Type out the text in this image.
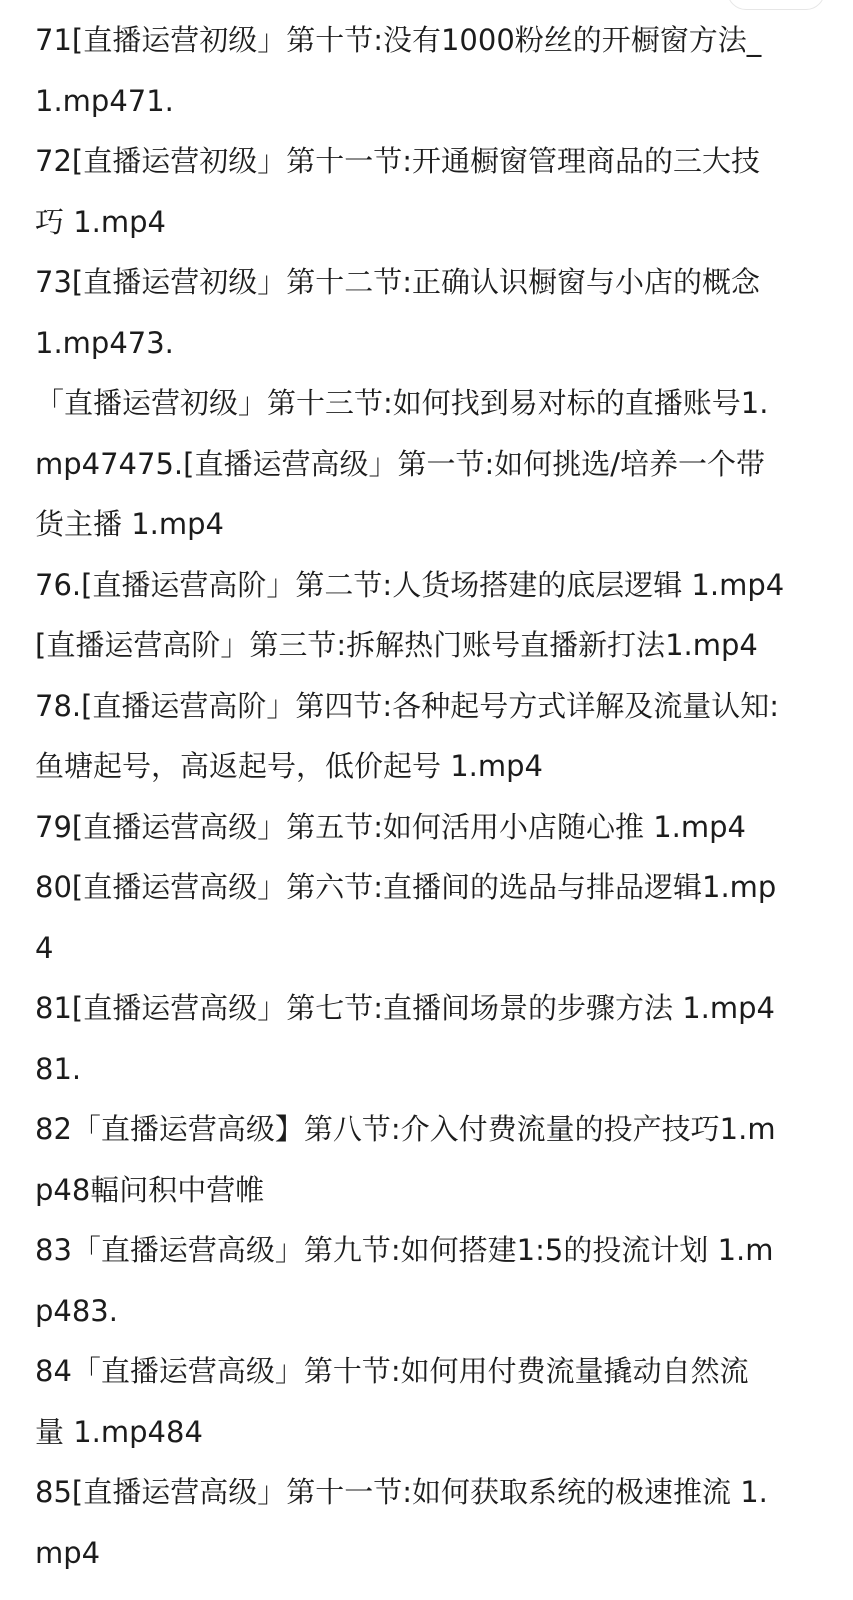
71[直播运营初级」第十节:没有1000粉丝的开橱窗方法_
1.mp471.
72[直播运营初级」第十一节:开通橱窗管理商品的三大技
巧 1.mp4
73[直播运营初级」第十二节:正确认识橱窗与小店的概念
1.mp473.
「直播运营初级」第十三节:如何找到易对标的直播账号1.
mp47475.[直播运营高级」第一节:如何挑选/培养一个带
货主播 1.mp4
76.[直播运营高阶」第二节:人货场搭建的底层逻辑 1.mp4
[直播运营高阶」第三节:拆解热门账号直播新打法1.mp4
78.[直播运营高阶」第四节:各种起号方式详解及流量认知:
鱼塘起号，高返起号，低价起号 1.mp4
79[直播运营高级」第五节:如何活用小店随心推 1.mp4
80[直播运营高级」第六节:直播间的选品与排品逻辑1.mp
4
81[直播运营高级」第七节:直播间场景的步骤方法 1.mp4
81.
82「直播运营高级】第八节:介入付费流量的投产技巧1.m
p48輻问积中营帷
83「直播运营高级」第九节:如何搭建1:5的投流计划 1.m
p483.
84「直播运营高级」第十节:如何用付费流量撬动自然流
量 1.mp484
85[直播运营高级」第十一节:如何获取系统的极速推流 1.
mp4
